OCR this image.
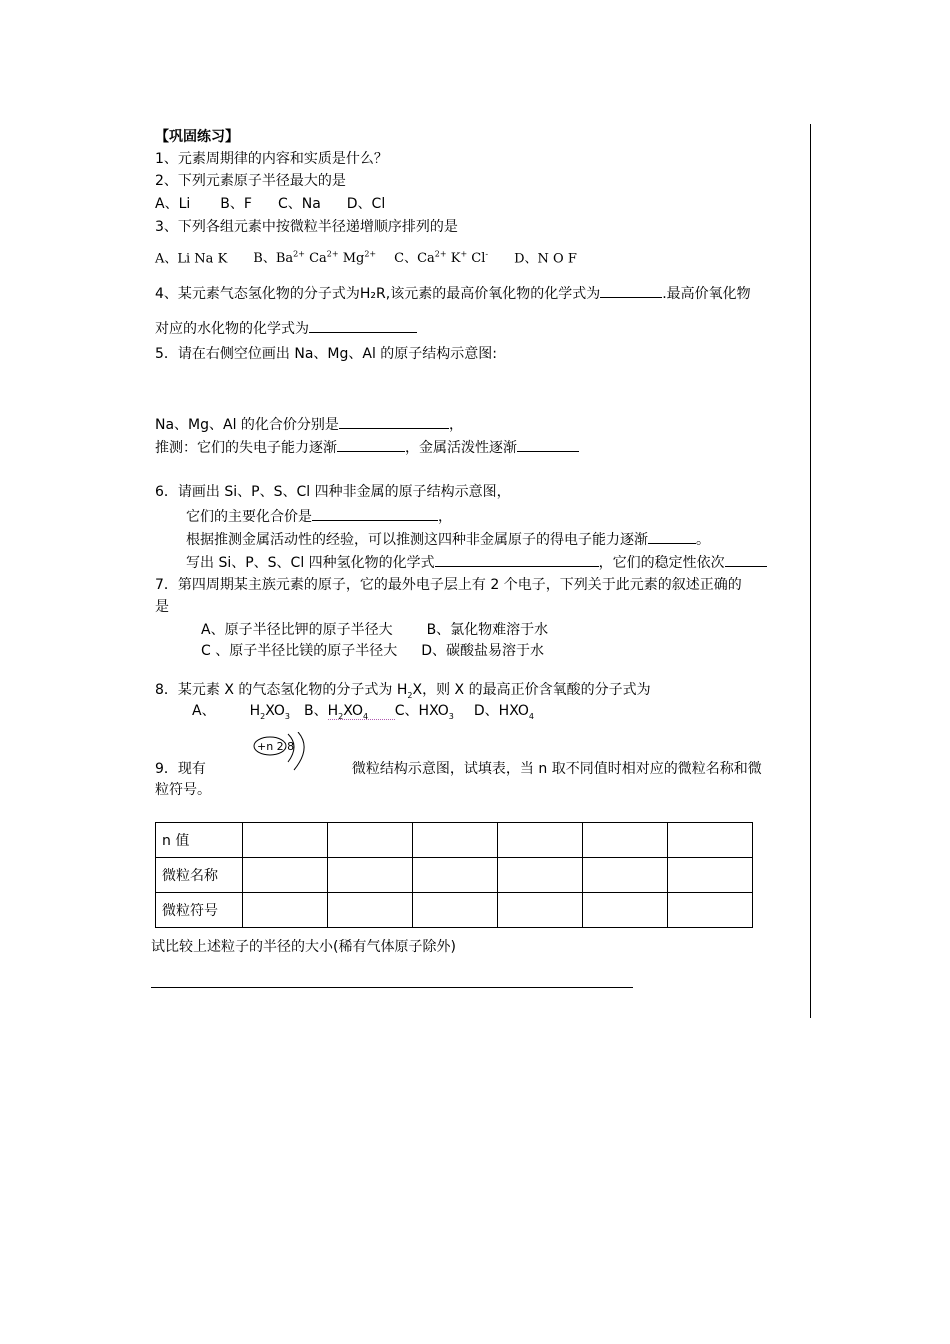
【巩固练习】
1、元素周期律的内容和实质是什么？
2、下列元素原子半径最大的是
A、Li B、F C、Na D、Cl
3、下列各组元素中按微粒半径递增顺序排列的是
A、Li Na K B、$Ba^{2+}$ $Ca^{2+}$ $Mg^{2+}$ C、$Ca^{2+}$ K+ Cl- D、N O F
4、某元素气态氢化物的分子式为H₂R,该元素的最高价氧化物的化学式为	.最高价氧化物
对应的水化物的化学式为
5．请在右侧空位画出 Na、Mg、Al 的原子结构示意图:
Na、Mg、Al 的化合价分别是	，
推测：它们的失电子能力逐渐	，金属活泼性逐渐
6．请画出 Si、P、S、Cl 四种非金属的原子结构示意图，
它们的主要化合价是	，
根据推测金属活动性的经验，可以推测这四种非金属原子的得电子能力逐渐	。
写出 Si、P、S、Cl 四种氢化物的化学式	，它们的稳定性依次
7．第四周期某主族元素的原子，它的最外电子层上有 2 个电子，下列关于此元素的叙述正确的
是
A、原子半径比钾的原子半径大 B、氯化物难溶于水
C 、原子半径比镁的原子半径大 D、碳酸盐易溶于水
8．某元素 X 的气态氢化物的分子式为 $H_2X$，则 X 的最高正价含氧酸的分子式为
A、 $H_2XO_3$ B、$H_2XO_4$ C、$HXO_3$ D、$HXO_4$
+n 2 8
9．现有	微粒结构示意图，试填表，当 n 取不同值时相对应的微粒名称和微
粒符号。
n 值						
微粒名称						
微粒符号						
试比较上述粒子的半径的大小(稀有气体原子除外)
